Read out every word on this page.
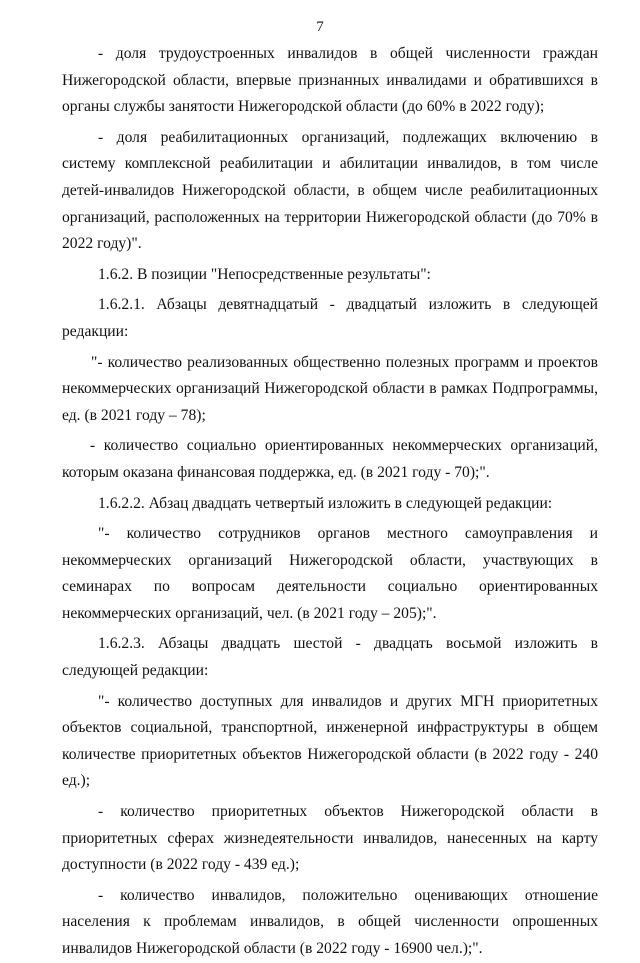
7

- доля трудоустроенных инвалидов в общей численности граждан Нижегородской области, впервые признанных инвалидами и обратившихся в органы службы занятости Нижегородской области (до 60% в 2022 году);

- доля реабилитационных организаций, подлежащих включению в систему комплексной реабилитации и абилитации инвалидов, в том числе детей-инвалидов Нижегородской области, в общем числе реабилитационных организаций, расположенных на территории Нижегородской области (до 70% в 2022 году)".

1.6.2. В позиции "Непосредственные результаты":

1.6.2.1. Абзацы девятнадцатый - двадцатый изложить в следующей редакции:

"- количество реализованных общественно полезных программ и проектов некоммерческих организаций Нижегородской области в рамках Подпрограммы, ед. (в 2021 году – 78);

- количество социально ориентированных некоммерческих организаций, которым оказана финансовая поддержка, ед. (в 2021 году - 70);".

1.6.2.2. Абзац двадцать четвертый изложить в следующей редакции:

"- количество сотрудников органов местного самоуправления и некоммерческих организаций Нижегородской области, участвующих в семинарах по вопросам деятельности социально ориентированных некоммерческих организаций, чел. (в 2021 году – 205);".

1.6.2.3. Абзацы двадцать шестой - двадцать восьмой изложить в следующей редакции:

"- количество доступных для инвалидов и других МГН приоритетных объектов социальной, транспортной, инженерной инфраструктуры в общем количестве приоритетных объектов Нижегородской области (в 2022 году - 240 ед.);

- количество приоритетных объектов Нижегородской области в приоритетных сферах жизнедеятельности инвалидов, нанесенных на карту доступности (в 2022 году - 439 ед.);

- количество инвалидов, положительно оценивающих отношение населения к проблемам инвалидов, в общей численности опрошенных инвалидов Нижегородской области (в 2022 году - 16900 чел.);".
